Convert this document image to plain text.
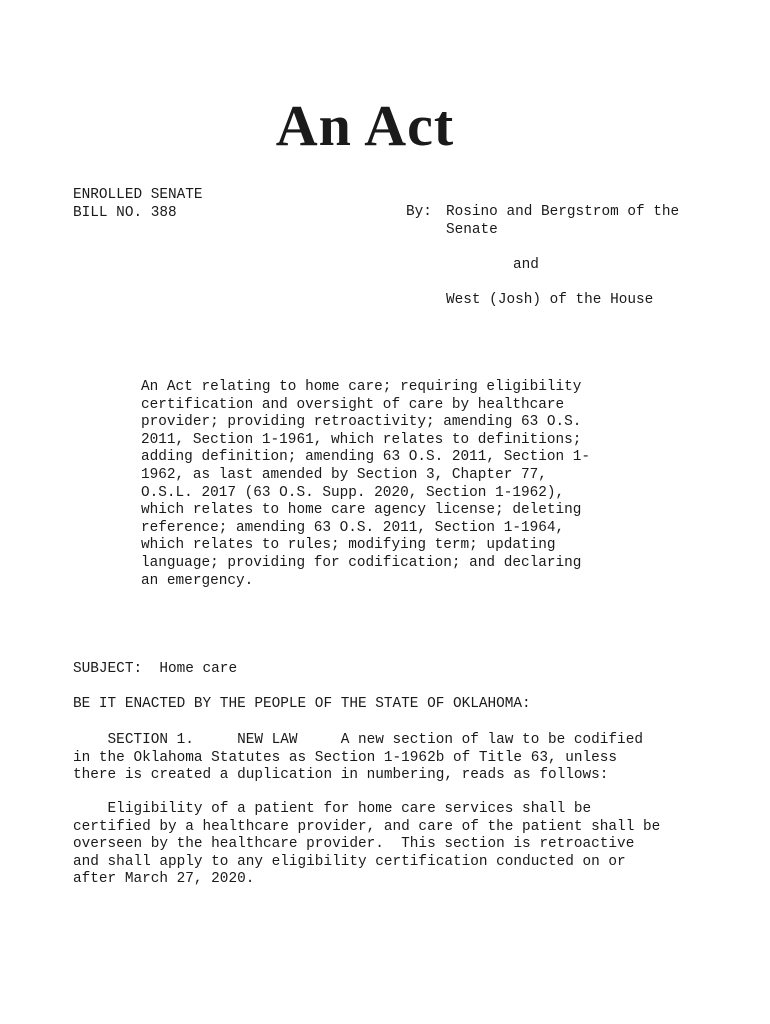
An Act

ENROLLED SENATE
BILL NO. 388	By: Rosino and Bergstrom of the
Senate

and

West (Josh) of the House

An Act relating to home care; requiring eligibility
certification and oversight of care by healthcare
provider; providing retroactivity; amending 63 O.S.
2011, Section 1-1961, which relates to definitions;
adding definition; amending 63 O.S. 2011, Section 1-
1962, as last amended by Section 3, Chapter 77,
O.S.L. 2017 (63 O.S. Supp. 2020, Section 1-1962),
which relates to home care agency license; deleting
reference; amending 63 O.S. 2011, Section 1-1964,
which relates to rules; modifying term; updating
language; providing for codification; and declaring
an emergency.

SUBJECT:  Home care

BE IT ENACTED BY THE PEOPLE OF THE STATE OF OKLAHOMA:

SECTION 1.     NEW LAW     A new section of law to be codified
in the Oklahoma Statutes as Section 1-1962b of Title 63, unless
there is created a duplication in numbering, reads as follows:

Eligibility of a patient for home care services shall be
certified by a healthcare provider, and care of the patient shall be
overseen by the healthcare provider.  This section is retroactive
and shall apply to any eligibility certification conducted on or
after March 27, 2020.
